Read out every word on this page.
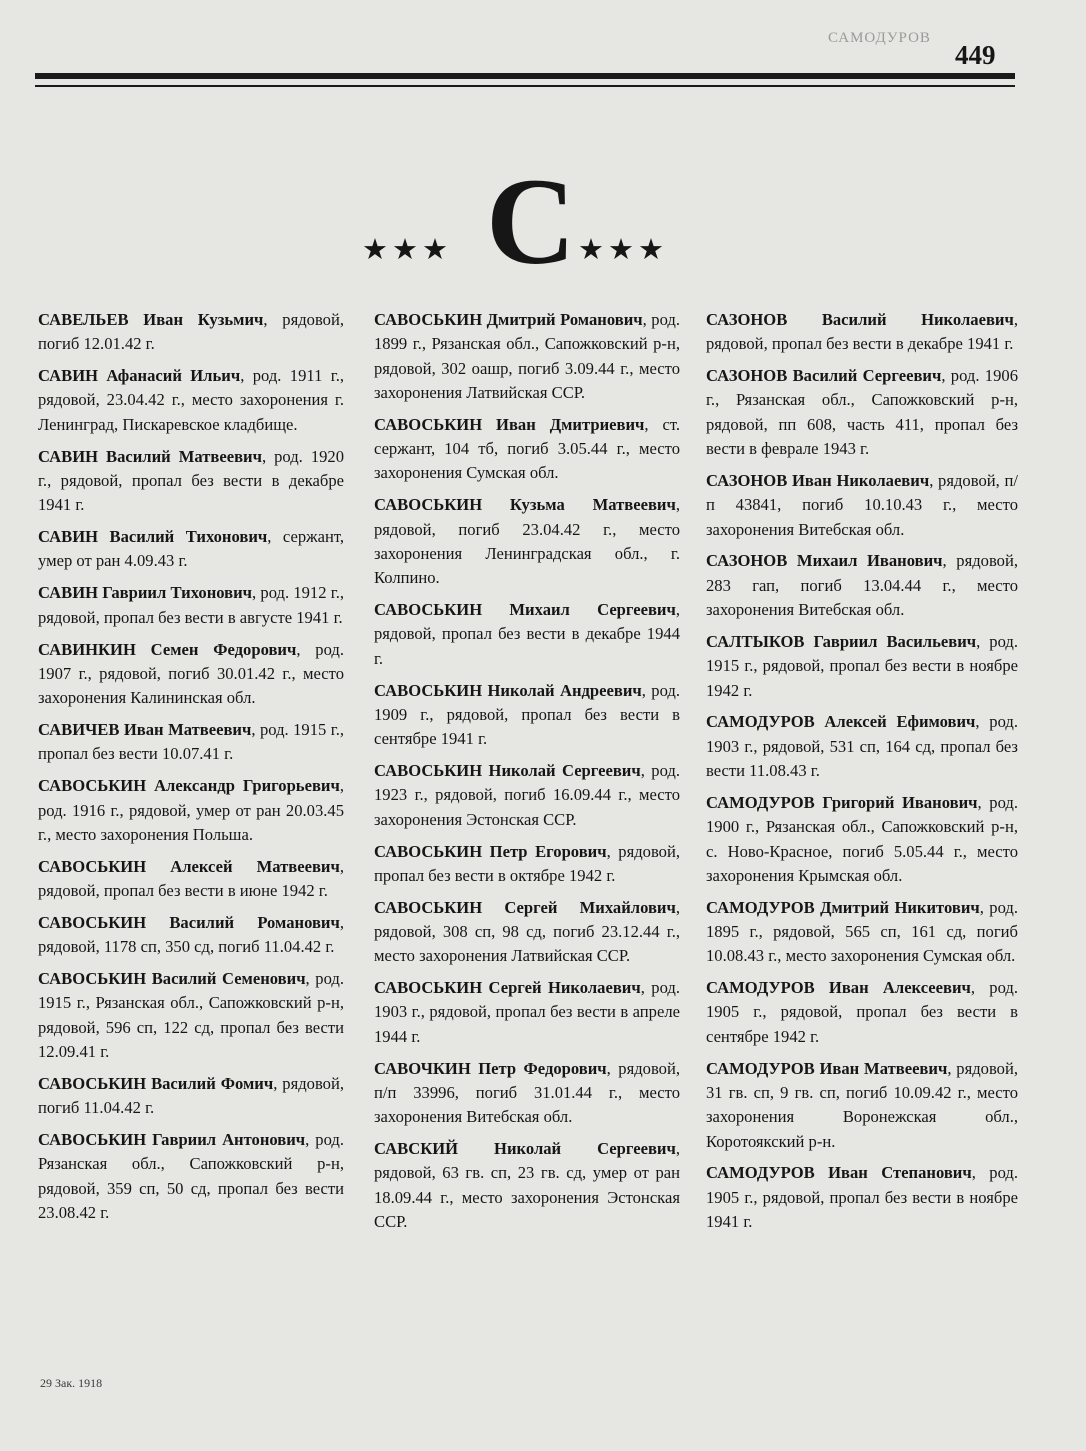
САМОДУРОВ
449
С
★★★	★★★

САВЕЛЬЕВ Иван Кузьмич, рядовой, погиб 12.01.42 г.

САВИН Афанасий Ильич, род. 1911 г., рядовой, 23.04.42 г., место захоронения г. Ленинград, Пискаревское кладбище.

САВИН Василий Матвеевич, род. 1920 г., рядовой, пропал без вести в декабре 1941 г.

САВИН Василий Тихонович, сержант, умер от ран 4.09.43 г.

САВИН Гавриил Тихонович, род. 1912 г., рядовой, пропал без вести в августе 1941 г.

САВИНКИН Семен Федорович, род. 1907 г., рядовой, погиб 30.01.42 г., место захоронения Калининская обл.

САВИЧЕВ Иван Матвеевич, род. 1915 г., пропал без вести 10.07.41 г.

САВОСЬКИН Александр Григорьевич, род. 1916 г., рядовой, умер от ран 20.03.45 г., место захоронения Польша.

САВОСЬКИН Алексей Матвеевич, рядовой, пропал без вести в июне 1942 г.

САВОСЬКИН Василий Романович, рядовой, 1178 сп, 350 сд, погиб 11.04.42 г.

САВОСЬКИН Василий Семенович, род. 1915 г., Рязанская обл., Сапожковский р-н, рядовой, 596 сп, 122 сд, пропал без вести 12.09.41 г.

САВОСЬКИН Василий Фомич, рядовой, погиб 11.04.42 г.

САВОСЬКИН Гавриил Антонович, род. Рязанская обл., Сапожковский р-н, рядовой, 359 сп, 50 сд, пропал без вести 23.08.42 г.

САВОСЬКИН Дмитрий Романович, род. 1899 г., Рязанская обл., Сапожковский р-н, рядовой, 302 оашр, погиб 3.09.44 г., место захоронения Латвийская ССР.

САВОСЬКИН Иван Дмитриевич, ст. сержант, 104 тб, погиб 3.05.44 г., место захоронения Сумская обл.

САВОСЬКИН Кузьма Матвеевич, рядовой, погиб 23.04.42 г., место захоронения Ленинградская обл., г. Колпино.

САВОСЬКИН Михаил Сергеевич, рядовой, пропал без вести в декабре 1944 г.

САВОСЬКИН Николай Андреевич, род. 1909 г., рядовой, пропал без вести в сентябре 1941 г.

САВОСЬКИН Николай Сергеевич, род. 1923 г., рядовой, погиб 16.09.44 г., место захоронения Эстонская ССР.

САВОСЬКИН Петр Егорович, рядовой, пропал без вести в октябре 1942 г.

САВОСЬКИН Сергей Михайлович, рядовой, 308 сп, 98 сд, погиб 23.12.44 г., место захоронения Латвийская ССР.

САВОСЬКИН Сергей Николаевич, род. 1903 г., рядовой, пропал без вести в апреле 1944 г.

САВОЧКИН Петр Федорович, рядовой, п/п 33996, погиб 31.01.44 г., место захоронения Витебская обл.

САВСКИЙ Николай Сергеевич, рядовой, 63 гв. сп, 23 гв. сд, умер от ран 18.09.44 г., место захоронения Эстонская ССР.

САЗОНОВ Василий Николаевич, рядовой, пропал без вести в декабре 1941 г.

САЗОНОВ Василий Сергеевич, род. 1906 г., Рязанская обл., Сапожковский р-н, рядовой, пп 608, часть 411, пропал без вести в феврале 1943 г.

САЗОНОВ Иван Николаевич, рядовой, п/п 43841, погиб 10.10.43 г., место захоронения Витебская обл.

САЗОНОВ Михаил Иванович, рядовой, 283 гап, погиб 13.04.44 г., место захоронения Витебская обл.

САЛТЫКОВ Гавриил Васильевич, род. 1915 г., рядовой, пропал без вести в ноябре 1942 г.

САМОДУРОВ Алексей Ефимович, род. 1903 г., рядовой, 531 сп, 164 сд, пропал без вести 11.08.43 г.

САМОДУРОВ Григорий Иванович, род. 1900 г., Рязанская обл., Сапожковский р-н, с. Ново-Красное, погиб 5.05.44 г., место захоронения Крымская обл.

САМОДУРОВ Дмитрий Никитович, род. 1895 г., рядовой, 565 сп, 161 сд, погиб 10.08.43 г., место захоронения Сумская обл.

САМОДУРОВ Иван Алексеевич, род. 1905 г., рядовой, пропал без вести в сентябре 1942 г.

САМОДУРОВ Иван Матвеевич, рядовой, 31 гв. сп, 9 гв. сп, погиб 10.09.42 г., место захоронения Воронежская обл., Коротоякский р-н.

САМОДУРОВ Иван Степанович, род. 1905 г., рядовой, пропал без вести в ноябре 1941 г.

29 Зак. 1918
